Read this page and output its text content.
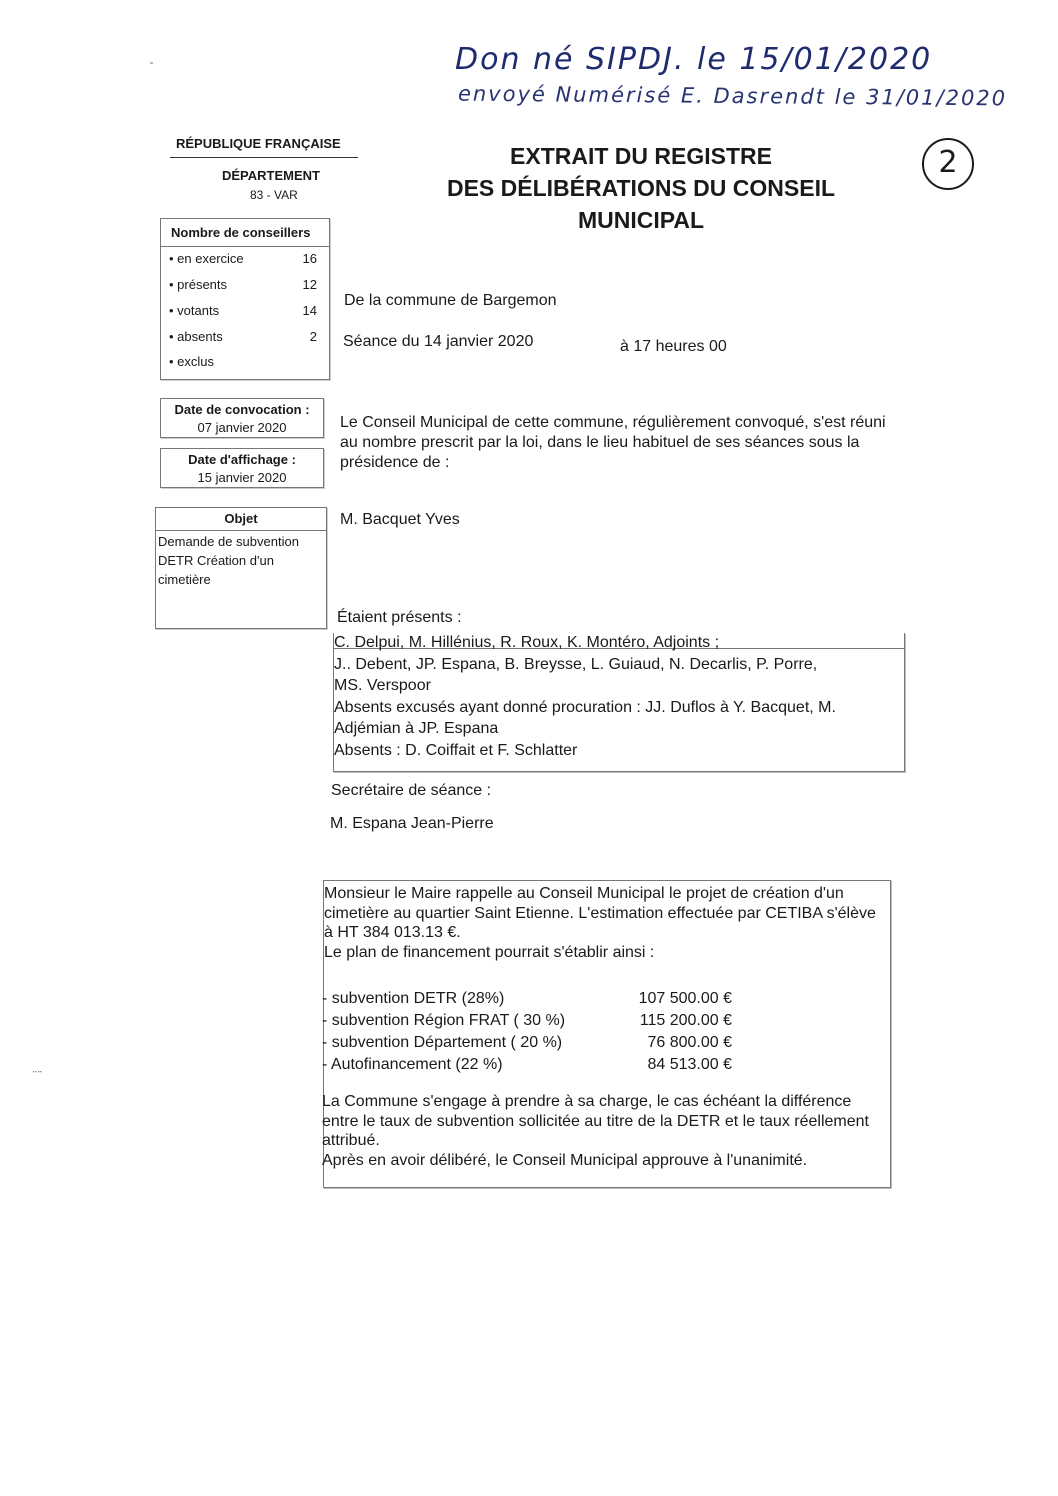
Don né SIPDJ. le 15/01/2020
envoyé Numérisé E. Dasrendt le 31/01/2020
2
RÉPUBLIQUE FRANÇAISE
DÉPARTEMENT
83 - VAR
EXTRAIT DU REGISTRE
DES DÉLIBÉRATIONS DU CONSEIL
MUNICIPAL
Nombre de conseillers
• en exercice	16
• présents	12
• votants	14
• absents	2
• exclus
Date de convocation :
07 janvier 2020
Date d'affichage :
15 janvier 2020
Objet
Demande de subvention DETR Création d'un cimetière
De la commune de Bargemon
Séance du 14 janvier 2020	à 17 heures 00
Le Conseil Municipal de cette commune, régulièrement convoqué, s'est réuni au nombre prescrit par la loi, dans le lieu habituel de ses séances sous la présidence de :
M. Bacquet Yves
Étaient présents :
C. Delpui, M. Hillénius, R. Roux, K. Montéro, Adjoints ;
J.. Debent, JP. Espana, B. Breysse, L. Guiaud, N. Decarlis, P. Porre,
MS. Verspoor
Absents excusés ayant donné procuration : JJ. Duflos à Y. Bacquet, M.
Adjémian à JP. Espana
Absents : D. Coiffait et F. Schlatter
Secrétaire de séance :
M. Espana Jean-Pierre
Monsieur le Maire rappelle au Conseil Municipal le projet de création d'un cimetière au quartier Saint Etienne. L'estimation effectuée par CETIBA s'élève à HT 384 013.13 €.
Le plan de financement pourrait s'établir ainsi :
- subvention DETR (28%)	107 500.00 €
- subvention Région FRAT ( 30 %)	115 200.00 €
- subvention Département ( 20 %)	76 800.00 €
- Autofinancement (22 %)	84 513.00 €
La Commune s'engage à prendre à sa charge, le cas échéant la différence entre le taux de subvention sollicitée au titre de la DETR et le taux réellement attribué.
Après en avoir délibéré, le Conseil Municipal approuve à l'unanimité.
⁞
